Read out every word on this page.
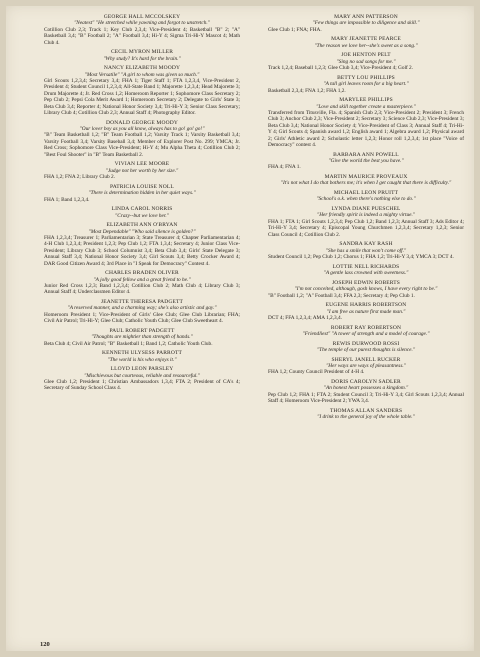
GEORGE HALL MCCOLSKEY
"Neatest" "He stretched while yawning and forgot to unstretch."
Cotillion Club 2,3; Track 1; Key Club 2,3,4; Vice-President 4; Basketball "B" 2; "A" Basketball 3,4; "B" Football 2; "A" Football 3,4; Hi-Y 4; Sigma Tri-Hi-Y Mascot 4; Math Club 4.
CECIL MYRON MILLER
"Why study? It's hard for the brain."
NANCY ELIZABETH MOODY
"Most Versatile" "A girl to whom was given so much."
Girl Scouts 1,2,3,4; Secretary 3,4; FHA 1; Tiger Staff 1; FTA 1,2,3,4, Vice-President 2, President 4; Student Council 1,2,3,4; All-State Band 1; Majorette 1,2,3,4; Head Majorette 3; Drum Majorette 4; Jr. Red Cross 1,2; Homeroom Reporter 1; Sophomore Class Secretary 2; Pep Club 2; Pepsi Cola Merit Award 1; Homeroom Secretary 2; Delegate to Girls' State 3; Beta Club 3,4; Reporter 4; National Honor Society 3,4; Tri-Hi-Y 3; Senior Class Secretary; Library Club 4; Cotillion Club 2,3; Annual Staff 4; Photography Editor.
DONALD GEORGE MOODY
"Our lover boy as you all know, always has to go! go! go!"
"B" Team Basketball 1,2; "B" Team Football 1,2; Varsity Track 1; Varsity Basketball 3,4; Varsity Football 3,4; Varsity Baseball 3,4; Member of Explorer Post No. 299; YMCA; Jr. Red Cross; Sophomore Class Vice-President; Hi-Y 4; Mu Alpha Theta 4; Cotillion Club 2; "Best Foul Shooter" in "B" Team Basketball 2.
VIVIAN LEE MOORE
"Judge not her worth by her size."
FHA 1,2; FNA 2; Library Club 2.
PATRICIA LOUISE NOLL
"There is determination hidden in her quiet ways."
FHA 1; Band 1,2,3,4.
LINDA CAROL NORRIS
"Crazy--but we love her."
ELIZABETH ANN O'BRYAN
"Most Dependable" "Who said silence is golden?"
FHA 1,2,3,4; Treasurer 1; Parliamentarian 3; State Treasurer 4; Chapter Parliamentarian 4; 4-H Club 1,2,3,4; President 1,2,3; Pep Club 1,2; FTA 1,3,4; Secretary 4; Junior Class Vice-President; Library Club 3; School Columnist 3,4; Beta Club 3,4; Girls' State Delegate 3; Annual Staff 3,4; National Honor Society 3,4; Girl Scouts 3,4; Betty Crocker Award 4; DAR Good Citizen Award 4; 3rd Place in "I Speak for Democracy" Contest 4.
CHARLES BRADEN OLIVER
"A jolly good fellow and a great friend to he."
Junior Red Cross 1,2,3; Band 1,2,3,4; Cotillion Club 2; Math Club 4; Library Club 3; Annual Staff 4; Underclassmen Editor 4.
JEANETTE THERESA PADGETT
"A reserved manner, and a charming way; she's also artistic and gay."
Homeroom President 1; Vice-President of Girls' Glee Club; Glee Club Librarian; FHA; Civil Air Patrol; Tri-Hi-Y; Glee Club; Catholic Youth Club; Glee Club Sweetheart 4.
PAUL ROBERT PADGETT
"Thoughts are mightier than strength of hands."
Beta Club 4; Civil Air Patrol; "B" Basketball 1; Band 1,2; Catholic Youth Club.
KENNETH ULYSESS PARROTT
"The world is his who enjoys it."
LLOYD LEON PARSLEY
"Mischievous but courteous, reliable and resourceful."
Glee Club 1,2; President 1; Christian Ambassadors 1,3,4; FTA 2; President of CA's 4; Secretary of Sunday School Class 4.
MARY ANN PATTERSON
"Few things are impossible to diligence and skill."
Glee Club 1; FNA; FHA.
MARY JEANETTE PEARCE
"The reason we love her--she's sweet as a song."
JOE HENTON PELT
"Sing no sad songs for me."
Track 1,2,4; Baseball 1,2,3; Glee Club 3,4; Vice-President 4; Golf 2.
BETTY LOU PHILLIPS
"A tall girl leaves room for a big heart."
Basketball 2,3,4; FNA 1,2; FHA 1,2.
MARYLEE PHILLIPS
"Love and skill together create a masterpiece."
Transferred from Titusville, Fla. 4; Spanish Club 2,3; Vice-President 2; President 3; French Club 3; Anchor Club 2,3; Vice-President 2; Secretary 3; Science Club 2,3; Vice-President 3; Beta Club 3,4; National Honor Society 4; Vice-President of Class 3; Annual Staff 4; Tri-Hi-Y 4; Girl Scouts 4; Spanish award 1,2; English award 1; Algebra award 1,2; Physical award 2; Girls' Athletic award 2; Scholastic letter 1,2,3; Honor roll 1,2,3,4; 1st place "Voice of Democracy" contest 4.
BARBARA ANN POWELL
"Give the world the best you have."
FHA 4; FNA 1.
MARTIN MAURICE PROVEAUX
"It's not what I do that bothers me; it's when I get caught that there is difficulty."
MICHAEL LEON PRUITT
"School's o.k. when there's nothing else to do."
LYNDA DIANE PUESCHEL
"Her friendly spirit is indeed a mighty virtue."
FHA 1; FTA 1; Girl Scouts 1,2,3,4; Pep Club 1,2; Band 1,2,3; Annual Staff 3; Ads Editor 4; Tri-Hi-Y 3,4; Secretary 4; Episcopal Young Churchmen 1,2,3,4; Secretary 1,2,3; Senior Class Council 4; Cotillion Club 2.
SANDRA KAY RASH
"She has a smile that won't come off."
Student Council 1,2; Pep Club 1,2; Chorus 1; FHA 1,2; Tri-Hi-Y 3,4; YMCA 3; DCT 4.
LOTTIE NELL RICHARDS
"A gentle lass crowned with sweetness."
JOSEPH EDWIN ROBERTS
"I'm not conceited, although, gosh knows, I have every right to be."
"B" Football 1,2; "A" Football 3,4; FFA 2,3; Secretary 4; Pep Club 1.
EUGENE HARRIS ROBERTSON
"I am free as nature first made man."
DCT 4; FFA 1,2,3,4; AMA 1,2,3,4.
ROBERT RAY ROBERTSON
"Friendliest" "A tower of strength and a model of courage."
REWIS DURWOOD ROSSI
"The temple of our purest thoughts is silence."
SHERYL JANELL RUCKER
"Her ways are ways of pleasantness."
FHA 1,2; County Council President of 4-H 4.
DORIS CAROLYN SADLER
"An honest heart possesses a kingdom."
Pep Club 1,2; FHA 1; FTA 2; Student Council 3; Tri-Hi-Y 3,4; Girl Scouts 1,2,3,4; Annual Staff 4; Homeroom Vice-President 2; YWA 3,4.
THOMAS ALLAN SANDERS
"I drink to the general joy of the whole table."
120
